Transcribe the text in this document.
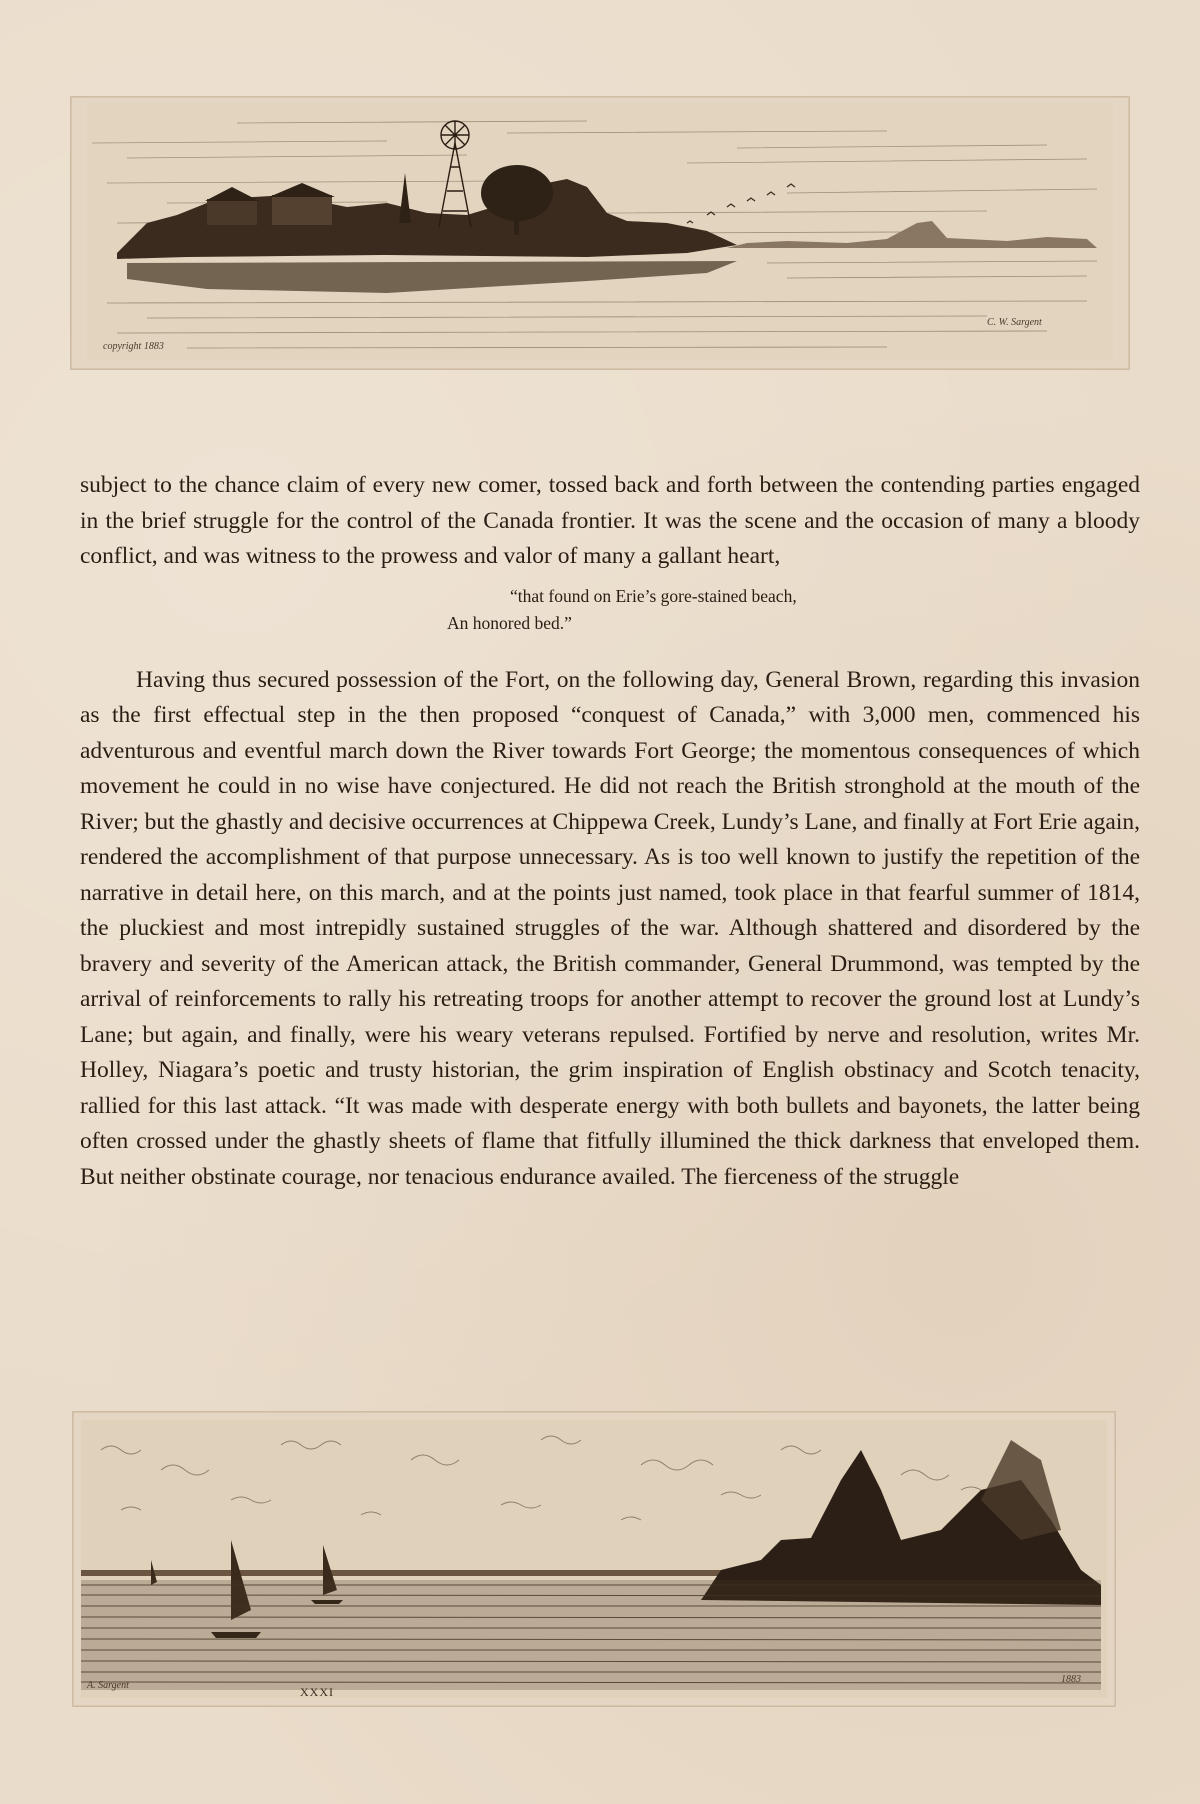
copyright 1883
C. W. Sargent

subject to the chance claim of every new comer, tossed back and forth between the contending parties engaged in the brief struggle for the control of the Canada frontier. It was the scene and the occasion of many a bloody conflict, and was witness to the prowess and valor of many a gallant heart,

“that found on Erie’s gore-stained beach,
An honored bed.”

Having thus secured possession of the Fort, on the following day, General Brown, regarding this invasion as the first effectual step in the then proposed “conquest of Canada,” with 3,000 men, commenced his adventurous and eventful march down the River towards Fort George; the momentous consequences of which movement he could in no wise have conjectured. He did not reach the British stronghold at the mouth of the River; but the ghastly and decisive occurrences at Chippewa Creek, Lundy’s Lane, and finally at Fort Erie again, rendered the accomplishment of that purpose unnecessary. As is too well known to justify the repetition of the narrative in detail here, on this march, and at the points just named, took place in that fearful summer of 1814, the pluckiest and most intrepidly sustained struggles of the war. Although shattered and disordered by the bravery and severity of the American attack, the British commander, General Drummond, was tempted by the arrival of reinforcements to rally his retreating troops for another attempt to recover the ground lost at Lundy’s Lane; but again, and finally, were his weary veterans repulsed. Fortified by nerve and resolution, writes Mr. Holley, Niagara’s poetic and trusty historian, the grim inspiration of English obstinacy and Scotch tenacity, rallied for this last attack. “It was made with desperate energy with both bullets and bayonets, the latter being often crossed under the ghastly sheets of flame that fitfully illumined the thick darkness that enveloped them. But neither obstinate courage, nor tenacious endurance availed. The fierceness of the struggle

A. Sargent
1883
XXXI
